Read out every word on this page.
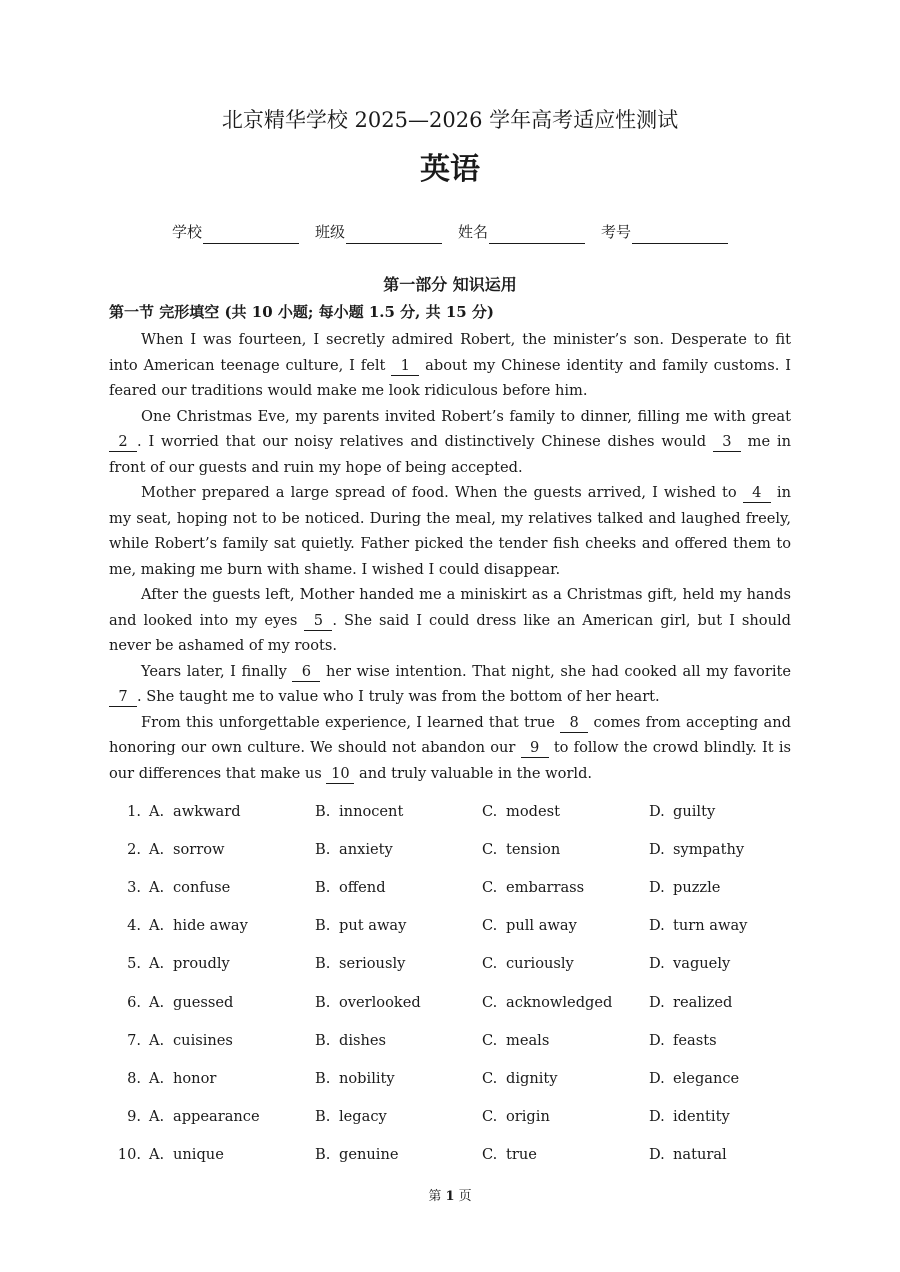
北京精华学校 2025—2026 学年高考适应性测试
英语
学校	班级	姓名	考号
第一部分 知识运用
第一节 完形填空 (共 10 小题; 每小题 1.5 分, 共 15 分)

When I was fourteen, I secretly admired Robert, the minister’s son. Desperate to fit into American teenage culture, I felt 1 about my Chinese identity and family customs. I feared our traditions would make me look ridiculous before him.

One Christmas Eve, my parents invited Robert’s family to dinner, filling me with great 2 . I worried that our noisy relatives and distinctively Chinese dishes would 3 me in front of our guests and ruin my hope of being accepted.

Mother prepared a large spread of food. When the guests arrived, I wished to 4 in my seat, hoping not to be noticed. During the meal, my relatives talked and laughed freely, while Robert’s family sat quietly. Father picked the tender fish cheeks and offered them to me, making me burn with shame. I wished I could disappear.

After the guests left, Mother handed me a miniskirt as a Christmas gift, held my hands and looked into my eyes 5 . She said I could dress like an American girl, but I should never be ashamed of my roots.

Years later, I finally 6 her wise intention. That night, she had cooked all my favorite 7 . She taught me to value who I truly was from the bottom of her heart.

From this unforgettable experience, I learned that true 8 comes from accepting and honoring our own culture. We should not abandon our 9 to follow the crowd blindly. It is our differences that make us 10 and truly valuable in the world.

1. A. awkward	B. innocent	C. modest	D. guilty
2. A. sorrow	B. anxiety	C. tension	D. sympathy
3. A. confuse	B. offend	C. embarrass	D. puzzle
4. A. hide away	B. put away	C. pull away	D. turn away
5. A. proudly	B. seriously	C. curiously	D. vaguely
6. A. guessed	B. overlooked	C. acknowledged	D. realized
7. A. cuisines	B. dishes	C. meals	D. feasts
8. A. honor	B. nobility	C. dignity	D. elegance
9. A. appearance	B. legacy	C. origin	D. identity
10. A. unique	B. genuine	C. true	D. natural
第 1 页
